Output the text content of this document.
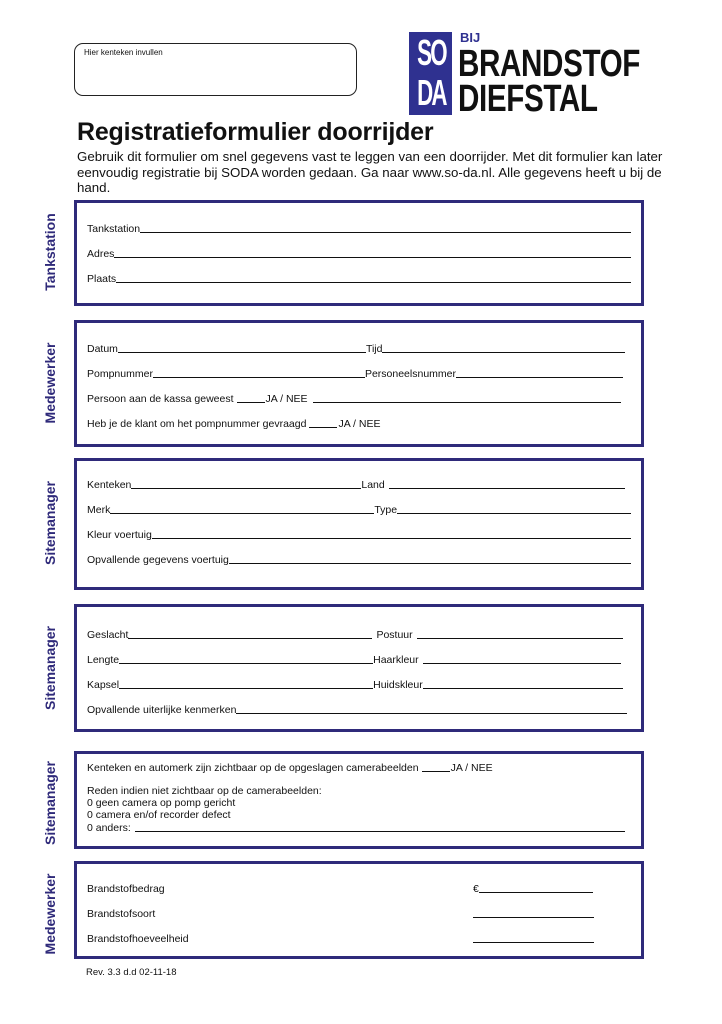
Hier kenteken invullen	SO
DA
BIJ
BRANDSTOF
DIEFSTAL
Registratieformulier doorrijder
Gebruik dit formulier om snel gegevens vast te leggen van een doorrijder. Met dit formulier kan later eenvoudig registratie bij SODA worden gedaan. Ga naar www.so-da.nl. Alle gegevens heeft u bij de hand.
Tankstation	Tankstation
Adres
Plaats
Medewerker	Datum	Tijd
Pompnummer	Personeelsnummer
Persoon aan de kassa geweest	JA / NEE
Heb je de klant om het pompnummer gevraagd	JA / NEE
Sitemanager	Kenteken	Land
Merk	Type
Kleur voertuig
Opvallende gegevens voertuig
Sitemanager	Geslacht	Postuur
Lengte	Haarkleur
Kapsel	Huidskleur
Opvallende uiterlijke kenmerken
Sitemanager	Kenteken en automerk zijn zichtbaar op de opgeslagen camerabeelden	JA / NEE
Reden indien niet zichtbaar op de camerabeelden:
0 geen camera op pomp gericht
0 camera en/of recorder defect
0 anders:
Medewerker	Brandstofbedrag	€
Brandstofsoort
Brandstofhoeveelheid
Rev. 3.3 d.d 02-11-18
